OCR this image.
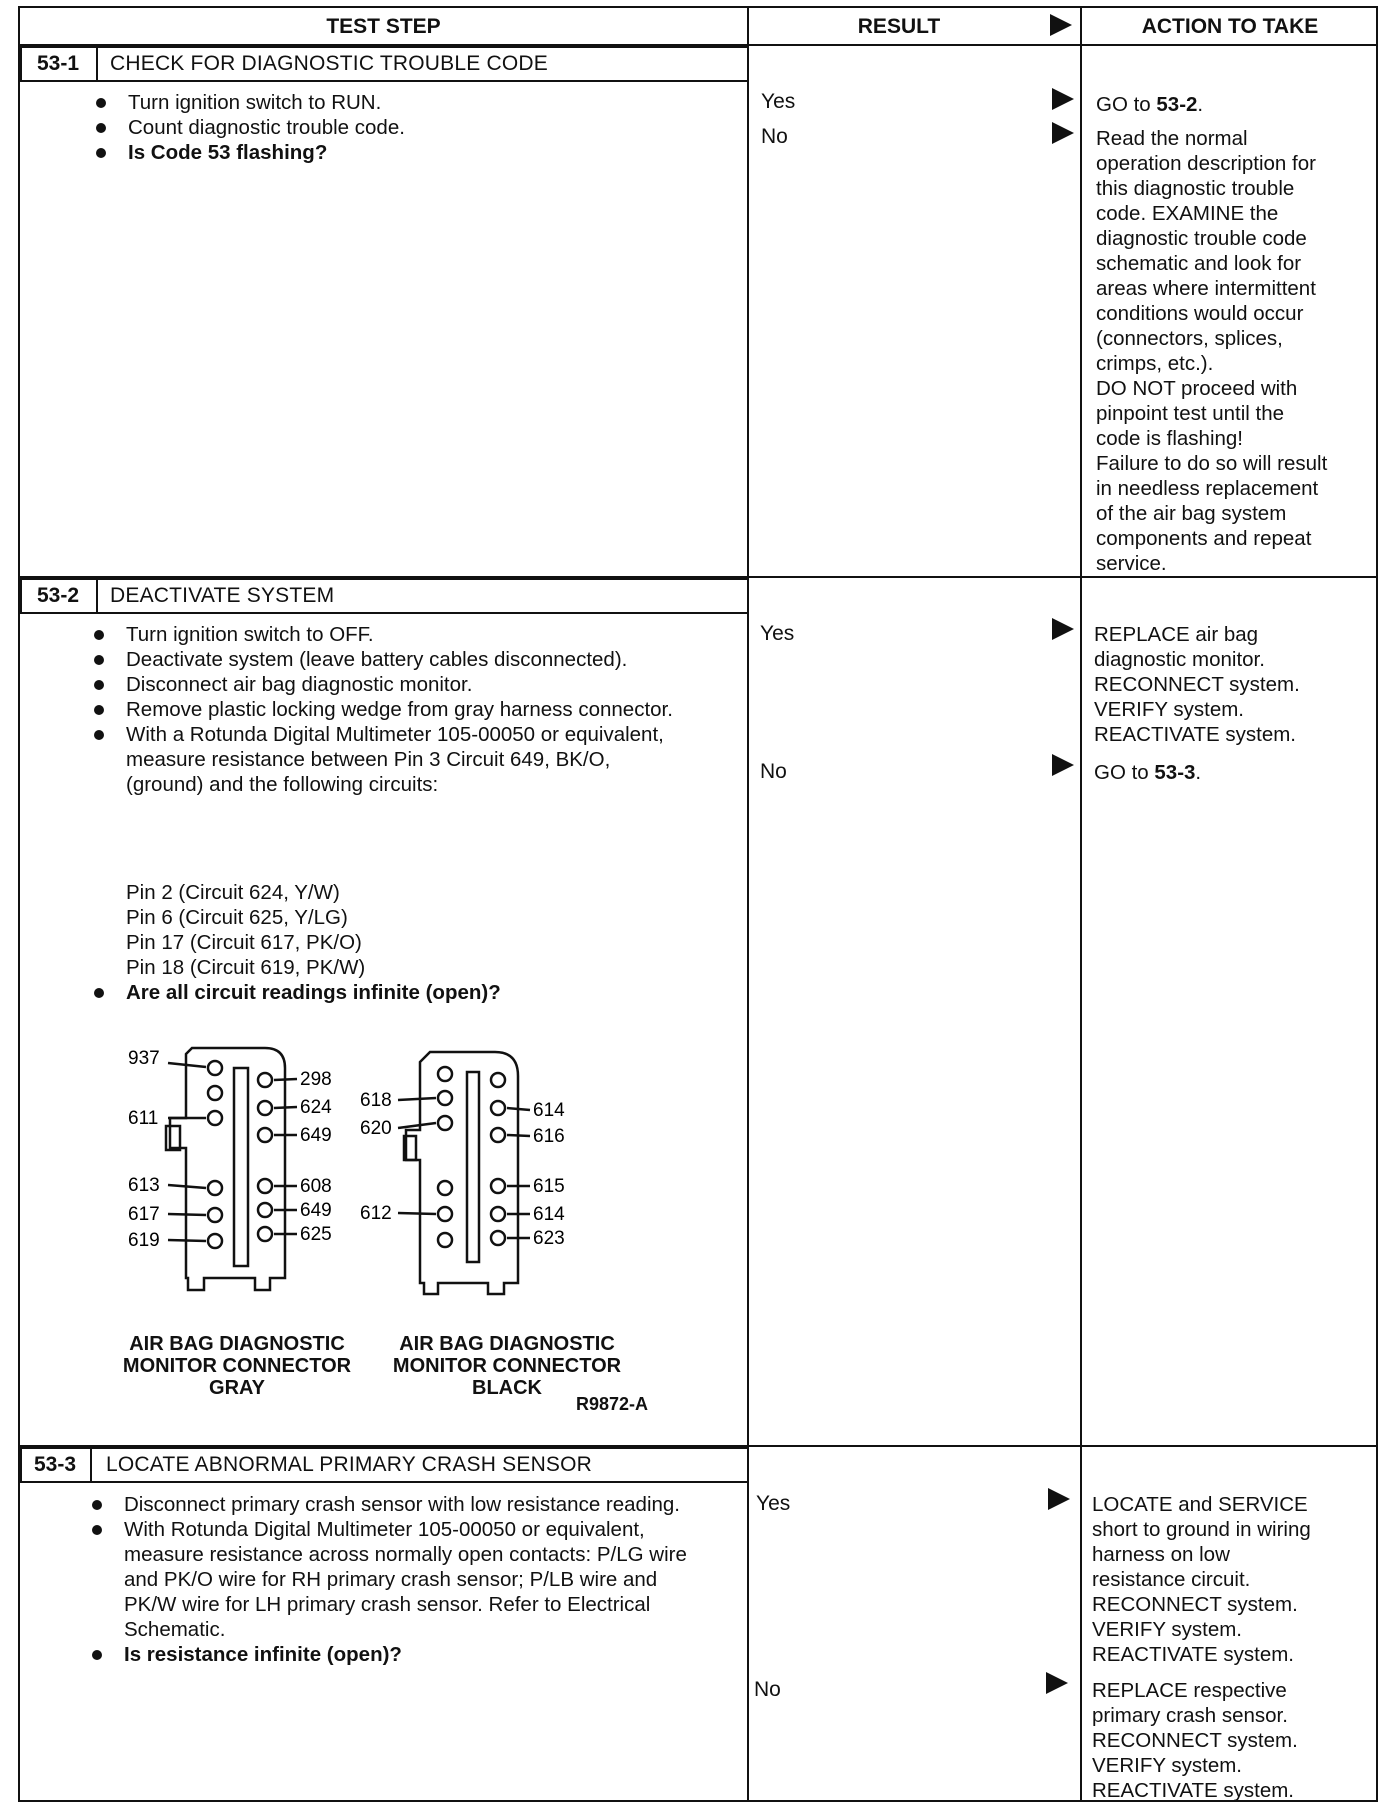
TEST STEP	RESULT	ACTION TO TAKE
53-1	CHECK FOR DIAGNOSTIC TROUBLE CODE
Turn ignition switch to RUN.
Count diagnostic trouble code.
Is Code 53 flashing?
Yes	GO to 53-2.
No	Read the normal
operation description for
this diagnostic trouble
code. EXAMINE the
diagnostic trouble code
schematic and look for
areas where intermittent
conditions would occur
(connectors, splices,
crimps, etc.).
DO NOT proceed with
pinpoint test until the
code is flashing!
Failure to do so will result
in needless replacement
of the air bag system
components and repeat
service.
53-2	DEACTIVATE SYSTEM
Turn ignition switch to OFF.
Deactivate system (leave battery cables disconnected).
Disconnect air bag diagnostic monitor.
Remove plastic locking wedge from gray harness connector.
With a Rotunda Digital Multimeter 105-00050 or equivalent, measure resistance between Pin 3 Circuit 649, BK/O, (ground) and the following circuits:
Pin 2 (Circuit 624, Y/W)
Pin 6 (Circuit 625, Y/LG)
Pin 17 (Circuit 617, PK/O)
Pin 18 (Circuit 619, PK/W)
Are all circuit readings infinite (open)?
937
611
613
617
619
298
624
649
608
649
625
618
620
612
614
616
615
614
623
AIR BAG DIAGNOSTIC
MONITOR CONNECTOR
GRAY
AIR BAG DIAGNOSTIC
MONITOR CONNECTOR
BLACK
R9872-A
Yes	REPLACE air bag
diagnostic monitor.
RECONNECT system.
VERIFY system.
REACTIVATE system.
No	GO to 53-3.
53-3	LOCATE ABNORMAL PRIMARY CRASH SENSOR
Disconnect primary crash sensor with low resistance reading.
With Rotunda Digital Multimeter 105-00050 or equivalent, measure resistance across normally open contacts: P/LG wire and PK/O wire for RH primary crash sensor; P/LB wire and PK/W wire for LH primary crash sensor. Refer to Electrical Schematic.
Is resistance infinite (open)?
Yes	LOCATE and SERVICE
short to ground in wiring
harness on low
resistance circuit.
RECONNECT system.
VERIFY system.
REACTIVATE system.
No	REPLACE respective
primary crash sensor.
RECONNECT system.
VERIFY system.
REACTIVATE system.
